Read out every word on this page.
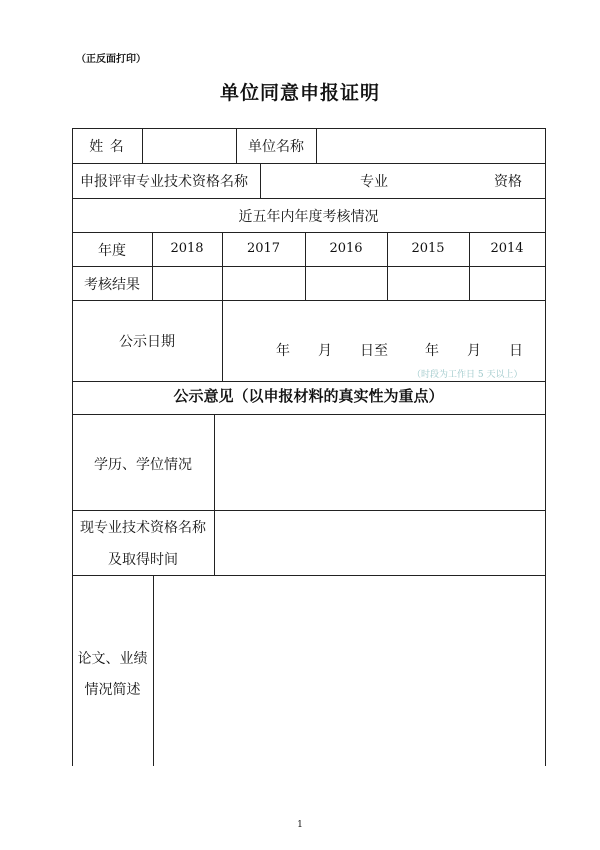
（正反面打印）
单位同意申报证明
姓 名	单位名称
申报评审专业技术资格名称	专业	资格
近五年内年度考核情况
年度	2018	2017	2016	2015	2014
考核结果
公示日期
年 月 日至	年 月 日
（时段为工作日 5 天以上）
公示意见（以申报材料的真实性为重点）
学历、学位情况
现专业技术资格名称
及取得时间
论文、业绩
情况简述
1
